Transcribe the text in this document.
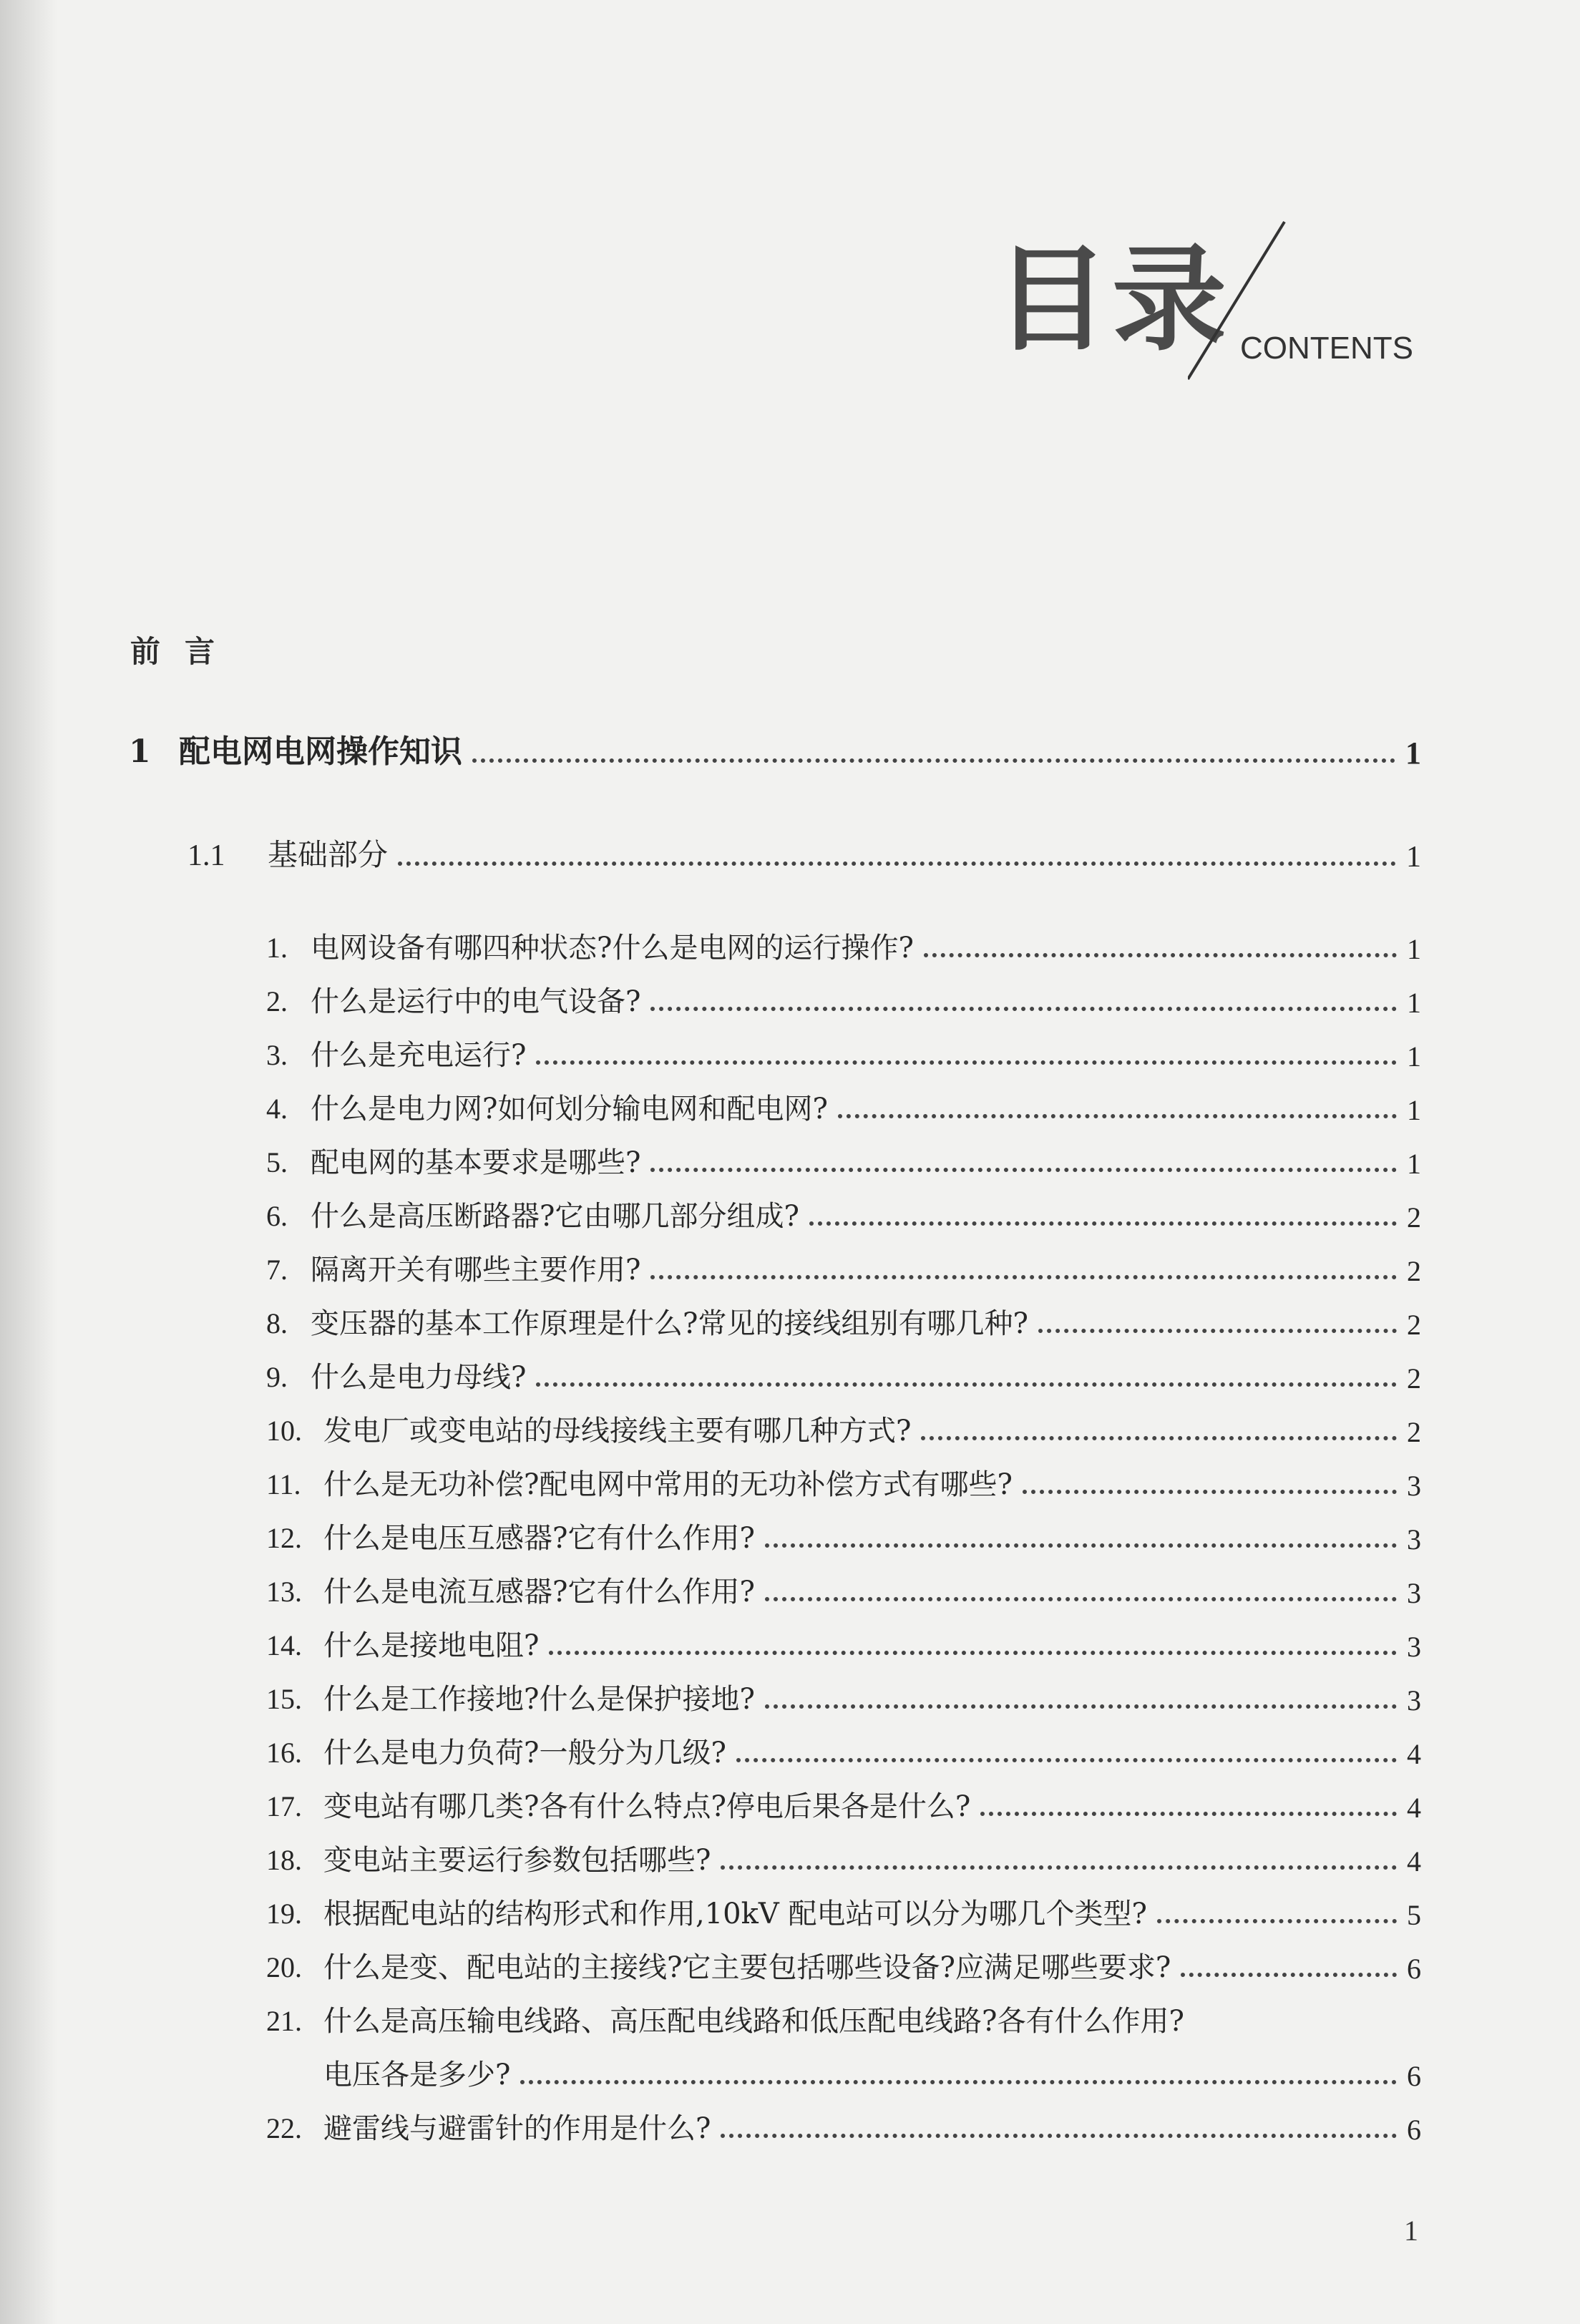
目录 CONTENTS
前言
1 配电网电网操作知识	1
1.1 基础部分	1
1. 电网设备有哪四种状态?什么是电网的运行操作?	1
2. 什么是运行中的电气设备?	1
3. 什么是充电运行?	1
4. 什么是电力网?如何划分输电网和配电网?	1
5. 配电网的基本要求是哪些?	1
6. 什么是高压断路器?它由哪几部分组成?	2
7. 隔离开关有哪些主要作用?	2
8. 变压器的基本工作原理是什么?常见的接线组别有哪几种?	2
9. 什么是电力母线?	2
10. 发电厂或变电站的母线接线主要有哪几种方式?	2
11. 什么是无功补偿?配电网中常用的无功补偿方式有哪些?	3
12. 什么是电压互感器?它有什么作用?	3
13. 什么是电流互感器?它有什么作用?	3
14. 什么是接地电阻?	3
15. 什么是工作接地?什么是保护接地?	3
16. 什么是电力负荷?一般分为几级?	4
17. 变电站有哪几类?各有什么特点?停电后果各是什么?	4
18. 变电站主要运行参数包括哪些?	4
19. 根据配电站的结构形式和作用,10kV 配电站可以分为哪几个类型?	5
20. 什么是变、配电站的主接线?它主要包括哪些设备?应满足哪些要求?	6
21. 什么是高压输电线路、高压配电线路和低压配电线路?各有什么作用?
电压各是多少?	6
22. 避雷线与避雷针的作用是什么?	6
1
